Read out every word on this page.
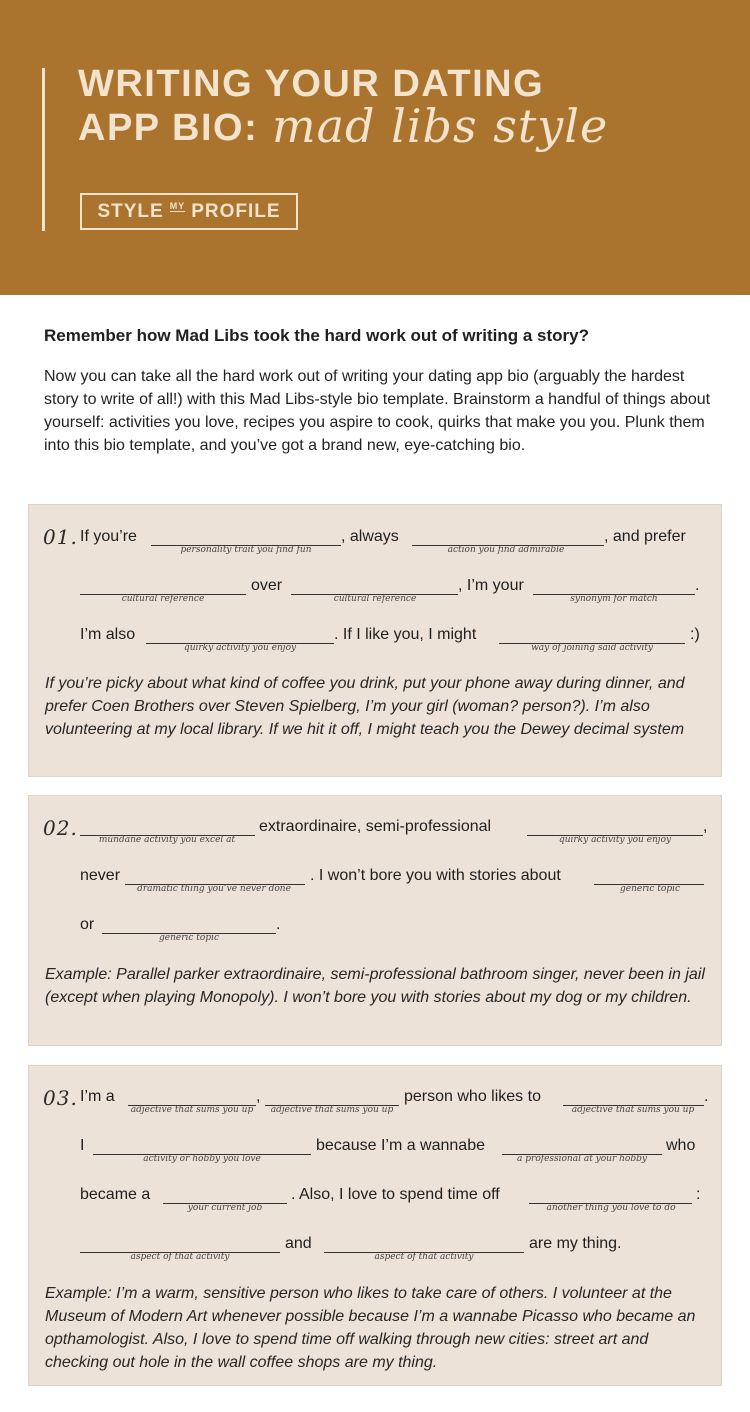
WRITING YOUR DATING
APP BIO: mad libs style
STYLE MY PROFILE
Remember how Mad Libs took the hard work out of writing a story?
Now you can take all the hard work out of writing your dating app bio (arguably the hardest story to write of all!) with this Mad Libs-style bio template. Brainstorm a handful of things about yourself: activities you love, recipes you aspire to cook, quirks that make you you. Plunk them into this bio template, and you’ve got a brand new, eye-catching bio.
01. If you’re
personality trait you find fun
, always
action you find admirable
, and prefer
cultural reference
over
cultural reference
, I’m your
synonym for match
.
I’m also
quirky activity you enjoy
. If I like you, I might
way of joining said activity
:)
If you’re picky about what kind of coffee you drink, put your phone away during dinner, and prefer Coen Brothers over Steven Spielberg, I’m your girl (woman? person?). I’m also volunteering at my local library. If we hit it off, I might teach you the Dewey decimal system
02. mundane activity you excel at
extraordinaire, semi-professional
quirky activity you enjoy
,
never
dramatic thing you’ve never done
. I won’t bore you with stories about
generic topic
or
generic topic
.
Example: Parallel parker extraordinaire, semi-professional bathroom singer, never been in jail (except when playing Monopoly). I won’t bore you with stories about my dog or my children.
03. I’m a
adjective that sums you up
,
adjective that sums you up
person who likes to
adjective that sums you up
.
I
activity or hobby you love
because I’m a wannabe
a professional at your hobby
who
became a
your current job
. Also, I love to spend time off
another thing you love to do
:
aspect of that activity
and
aspect of that activity
are my thing.
Example: I’m a warm, sensitive person who likes to take care of others. I volunteer at the Museum of Modern Art whenever possible because I’m a wannabe Picasso who became an opthamologist. Also, I love to spend time off walking through new cities: street art and checking out hole in the wall coffee shops are my thing.
